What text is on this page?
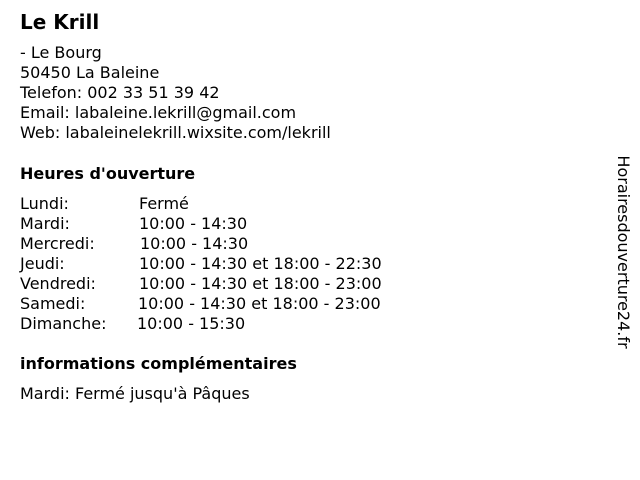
Le Krill
- Le Bourg
50450 La Baleine
Telefon: 002 33 51 39 42
Email: labaleine.lekrill@gmail.com
Web: labaleinelekrill.wixsite.com/lekrill
Heures d'ouverture
Lundi:	Fermé
Mardi:	10:00 - 14:30
Mercredi:	10:00 - 14:30
Jeudi:	10:00 - 14:30 et 18:00 - 22:30
Vendredi:	10:00 - 14:30 et 18:00 - 23:00
Samedi:	10:00 - 14:30 et 18:00 - 23:00
Dimanche: 10:00 - 15:30
informations complémentaires
Mardi: Fermé jusqu'à Pâques
Horairesdouverture24.fr
